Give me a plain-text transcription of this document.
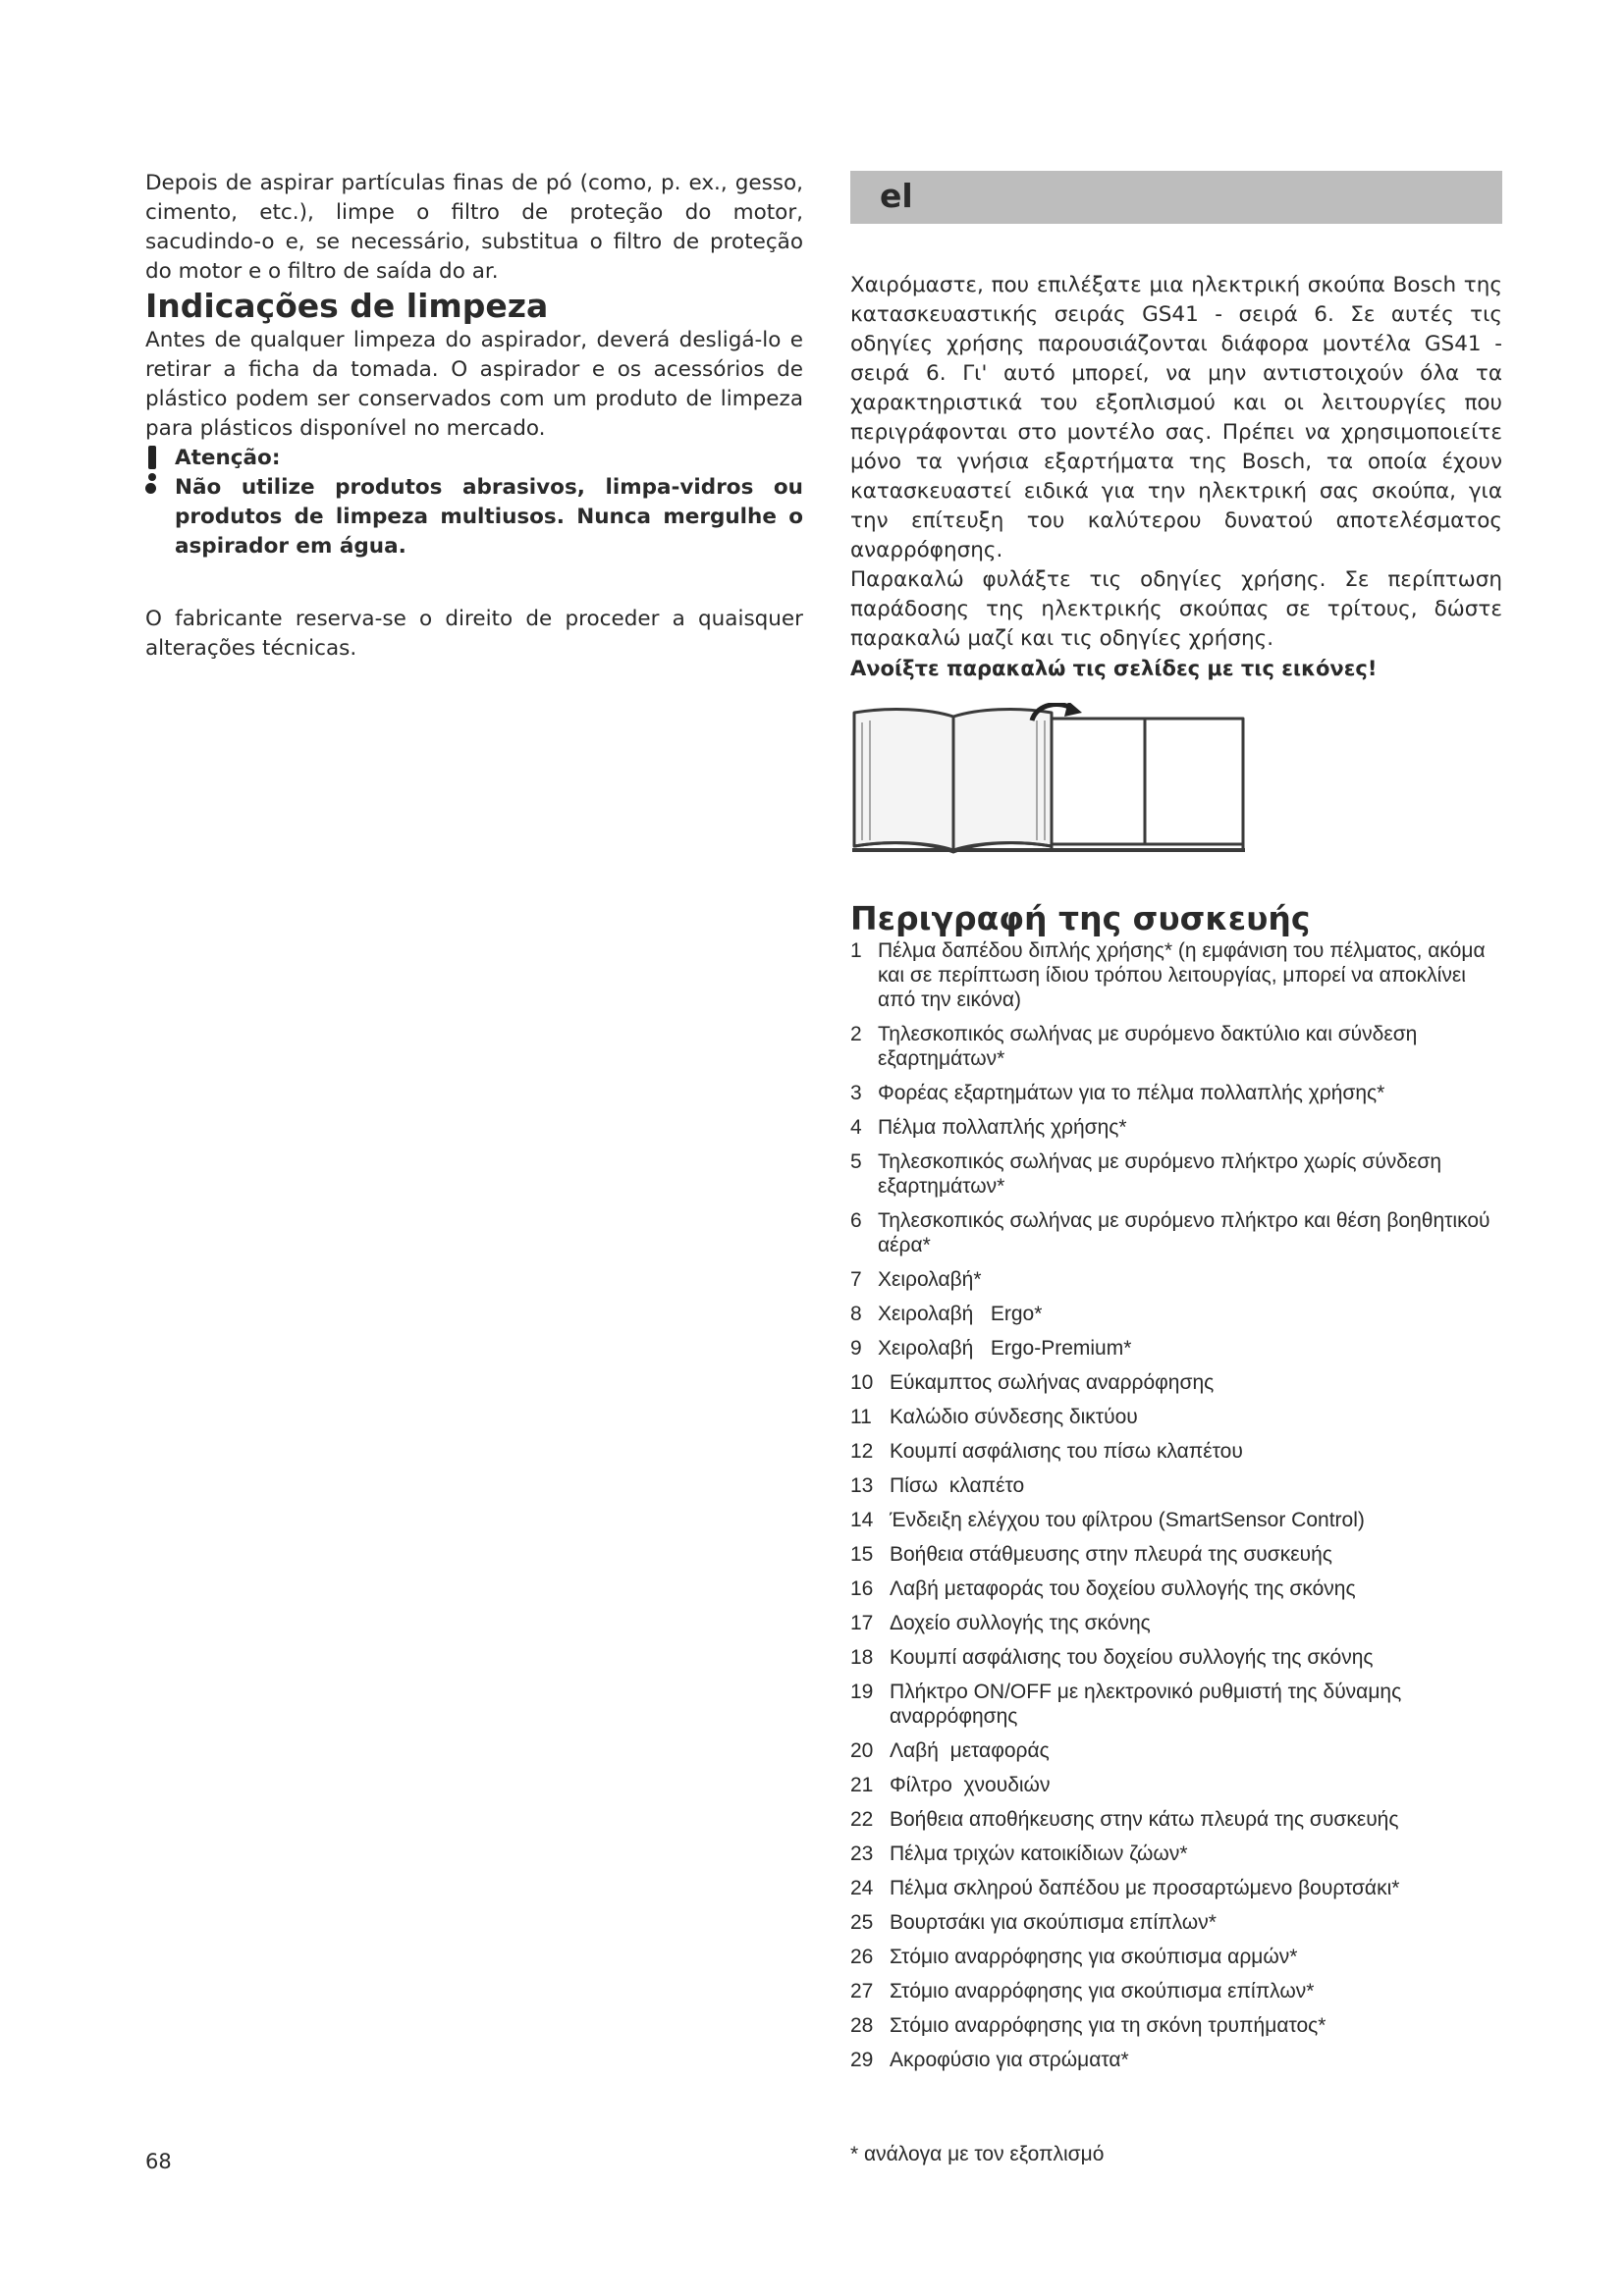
Depois de aspirar partículas finas de pó (como, p. ex., gesso, cimento, etc.), limpe o filtro de proteção do motor, sacudindo-o e, se necessário, substitua o filtro de proteção do motor e o filtro de saída do ar.

Indicações de limpeza

Antes de qualquer limpeza do aspirador, deverá desligá-lo e retirar a ficha da tomada. O aspirador e os acessórios de plástico podem ser conservados com um produto de limpeza para plásticos disponível no mercado.

Atenção:
Não utilize produtos abrasivos, limpa-vidros ou produtos de limpeza multiusos. Nunca mergulhe o aspirador em água.

O fabricante reserva-se o direito de proceder a quaisquer alterações técnicas.

el

Χαιρόμαστε, που επιλέξατε μια ηλεκτρική σκούπα Bosch της κατασκευαστικής σειράς GS41 - σειρά 6. Σε αυτές τις οδηγίες χρήσης παρουσιάζονται διάφορα μοντέλα GS41 - σειρά 6. Γι' αυτό μπορεί, να μην αντιστοιχούν όλα τα χαρακτηριστικά του εξοπλισμού και οι λειτουργίες που περιγράφονται στο μοντέλο σας. Πρέπει να χρησιμοποιείτε μόνο τα γνήσια εξαρτήματα της Bosch, τα οποία έχουν κατασκευαστεί ειδικά για την ηλεκτρική σας σκούπα, για την επίτευξη του καλύτερου δυνατού αποτελέσματος αναρρόφησης.

Παρακαλώ φυλάξτε τις οδηγίες χρήσης. Σε περίπτωση παράδοσης της ηλεκτρικής σκούπας σε τρίτους, δώστε παρακαλώ μαζί και τις οδηγίες χρήσης.

Ανοίξτε παρακαλώ τις σελίδες με τις εικόνες!
Περιγραφή της συσκευής
1 Πέλμα δαπέδου διπλής χρήσης* (η εμφάνιση του πέλματος, ακόμα και σε περίπτωση ίδιου τρόπου λειτουργίας, μπορεί να αποκλίνει από την εικόνα)
2 Τηλεσκοπικός σωλήνας με συρόμενο δακτύλιο και σύνδεση εξαρτημάτων*
3 Φορέας εξαρτημάτων για το πέλμα πολλαπλής χρήσης*
4 Πέλμα πολλαπλής χρήσης*
5 Τηλεσκοπικός σωλήνας με συρόμενο πλήκτρο χωρίς σύνδεση εξαρτημάτων*
6 Τηλεσκοπικός σωλήνας με συρόμενο πλήκτρο και θέση βοηθητικού αέρα*
7 Χειρολαβή*
8 Χειρολαβή   Ergo*
9 Χειρολαβή   Ergo-Premium*
10 Εύκαμπτος σωλήνας αναρρόφησης
11 Καλώδιο σύνδεσης δικτύου
12 Κουμπί ασφάλισης του πίσω κλαπέτου
13 Πίσω  κλαπέτο
14 Ένδειξη ελέγχου του φίλτρου (SmartSensor Control)
15 Βοήθεια στάθμευσης στην πλευρά της συσκευής
16 Λαβή μεταφοράς του δοχείου συλλογής της σκόνης
17 Δοχείο συλλογής της σκόνης
18 Κουμπί ασφάλισης του δοχείου συλλογής της σκόνης
19 Πλήκτρο ON/OFF με ηλεκτρονικό ρυθμιστή της δύναμης αναρρόφησης
20 Λαβή  μεταφοράς
21 Φίλτρο  χνουδιών
22 Βοήθεια αποθήκευσης στην κάτω πλευρά της συσκευής
23 Πέλμα τριχών κατοικίδιων ζώων*
24 Πέλμα σκληρού δαπέδου με προσαρτώμενο βουρτσάκι*
25 Βουρτσάκι για σκούπισμα επίπλων*
26 Στόμιο αναρρόφησης για σκούπισμα αρμών*
27 Στόμιο αναρρόφησης για σκούπισμα επίπλων*
28 Στόμιο αναρρόφησης για τη σκόνη τρυπήματος*
29 Ακροφύσιο για στρώματα*
* ανάλογα με τον εξοπλισμό
68
